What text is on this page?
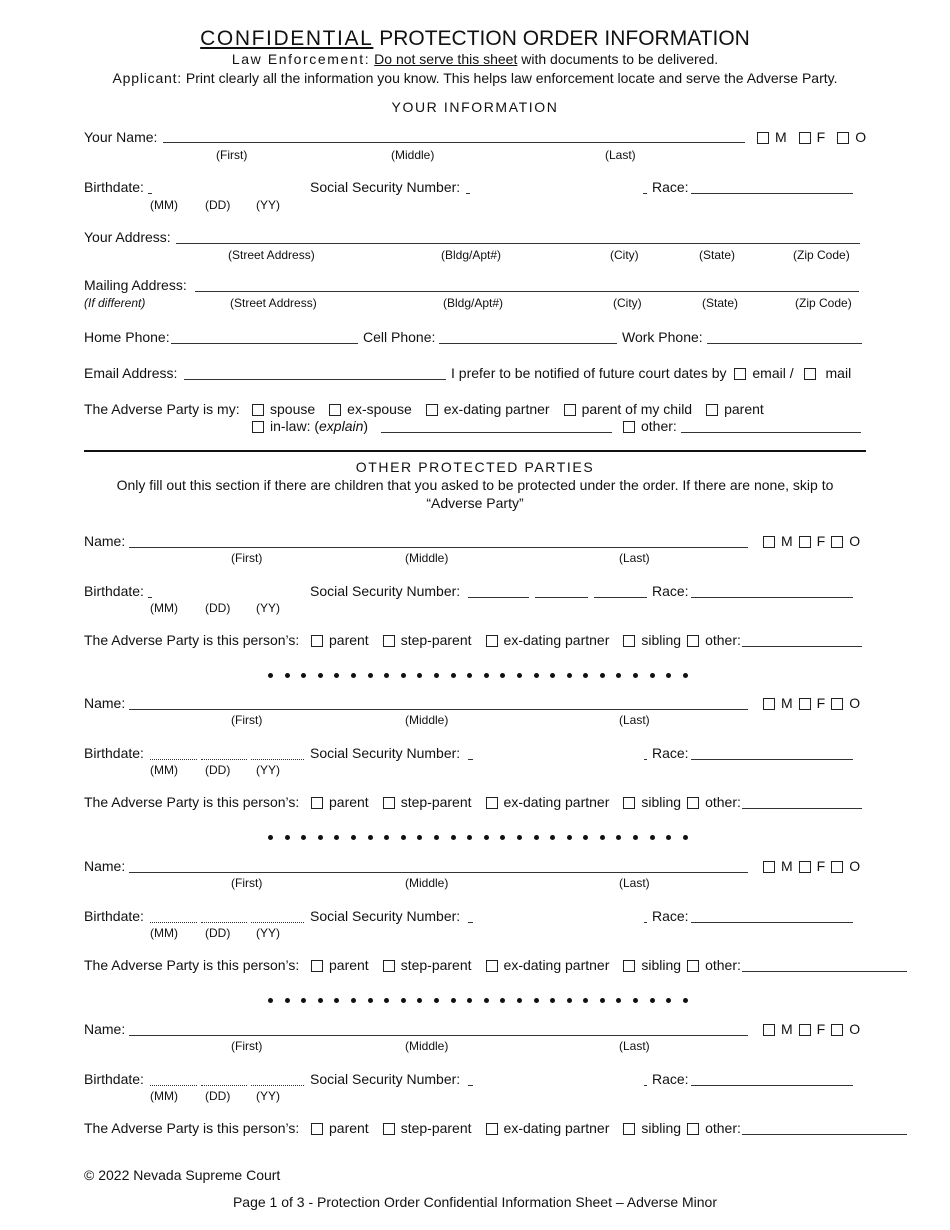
CONFIDENTIAL PROTECTION ORDER INFORMATION
Law Enforcement: Do not serve this sheet with documents to be delivered.
Applicant: Print clearly all the information you know. This helps law enforcement locate and serve the Adverse Party.
YOUR INFORMATION
Your Name:	M F O
(First)	(Middle)	(Last)
Birthdate:	Social Security Number:	Race:
(MM) (DD) (YY)
Your Address:
(Street Address)	(Bldg/Apt#)	(City)	(State)	(Zip Code)
Mailing Address:
(If different)	(Street Address)	(Bldg/Apt#)	(City)	(State)	(Zip Code)
Home Phone:	Cell Phone:	Work Phone:
Email Address:	I prefer to be notified of future court dates by email / mail
The Adverse Party is my:	spouse ex-spouse ex-dating partner parent of my child parent
in-law: (explain)	other:
OTHER PROTECTED PARTIES
Only fill out this section if there are children that you asked to be protected under the order. If there are none, skip to
“Adverse Party”
Name:	M F O
(First)	(Middle)	(Last)
Birthdate:	Social Security Number:	Race:
(MM) (DD) (YY)
The Adverse Party is this person’s:	parent step-parent ex-dating partner sibling other:

Name:	M F O
(First)	(Middle)	(Last)
Birthdate:	Social Security Number:	Race:
(MM) (DD) (YY)
The Adverse Party is this person’s:	parent step-parent ex-dating partner sibling other:

Name:	M F O
(First)	(Middle)	(Last)
Birthdate:	Social Security Number:	Race:
(MM) (DD) (YY)
The Adverse Party is this person’s:	parent step-parent ex-dating partner sibling other:

Name:	M F O
(First)	(Middle)	(Last)
Birthdate:	Social Security Number:	Race:
(MM) (DD) (YY)
The Adverse Party is this person’s:	parent step-parent ex-dating partner sibling other:
© 2022 Nevada Supreme Court
Page 1 of 3 - Protection Order Confidential Information Sheet – Adverse Minor
